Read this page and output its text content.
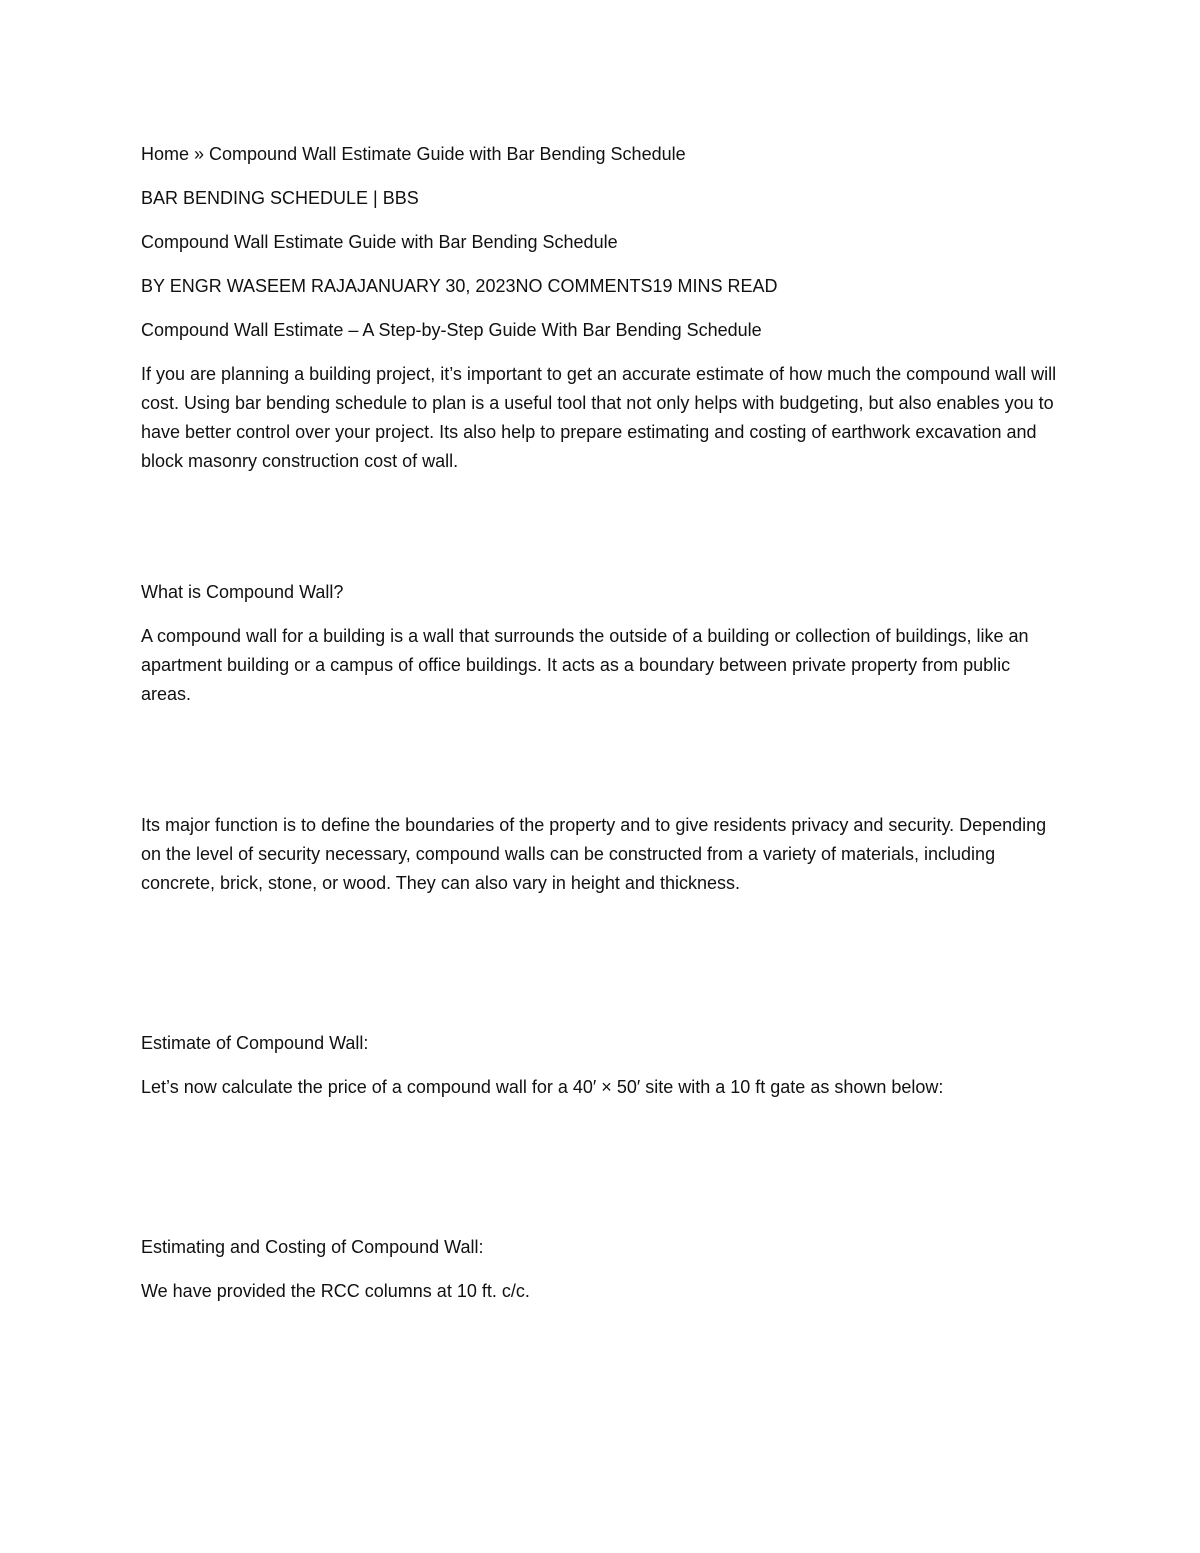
Home » Compound Wall Estimate Guide with Bar Bending Schedule

BAR BENDING SCHEDULE | BBS

Compound Wall Estimate Guide with Bar Bending Schedule

BY ENGR WASEEM RAJAJANUARY 30, 2023NO COMMENTS19 MINS READ

Compound Wall Estimate – A Step-by-Step Guide With Bar Bending Schedule

If you are planning a building project, it’s important to get an accurate estimate of how much the compound wall will cost. Using bar bending schedule to plan is a useful tool that not only helps with budgeting, but also enables you to have better control over your project. Its also help to prepare estimating and costing of earthwork excavation and block masonry construction cost of wall.

What is Compound Wall?

A compound wall for a building is a wall that surrounds the outside of a building or collection of buildings, like an apartment building or a campus of office buildings. It acts as a boundary between private property from public areas.

Its major function is to define the boundaries of the property and to give residents privacy and security. Depending on the level of security necessary, compound walls can be constructed from a variety of materials, including concrete, brick, stone, or wood. They can also vary in height and thickness.

Estimate of Compound Wall:

Let’s now calculate the price of a compound wall for a 40′ × 50′ site with a 10 ft gate as shown below:

Estimating and Costing of Compound Wall:

We have provided the RCC columns at 10 ft. c/c.
